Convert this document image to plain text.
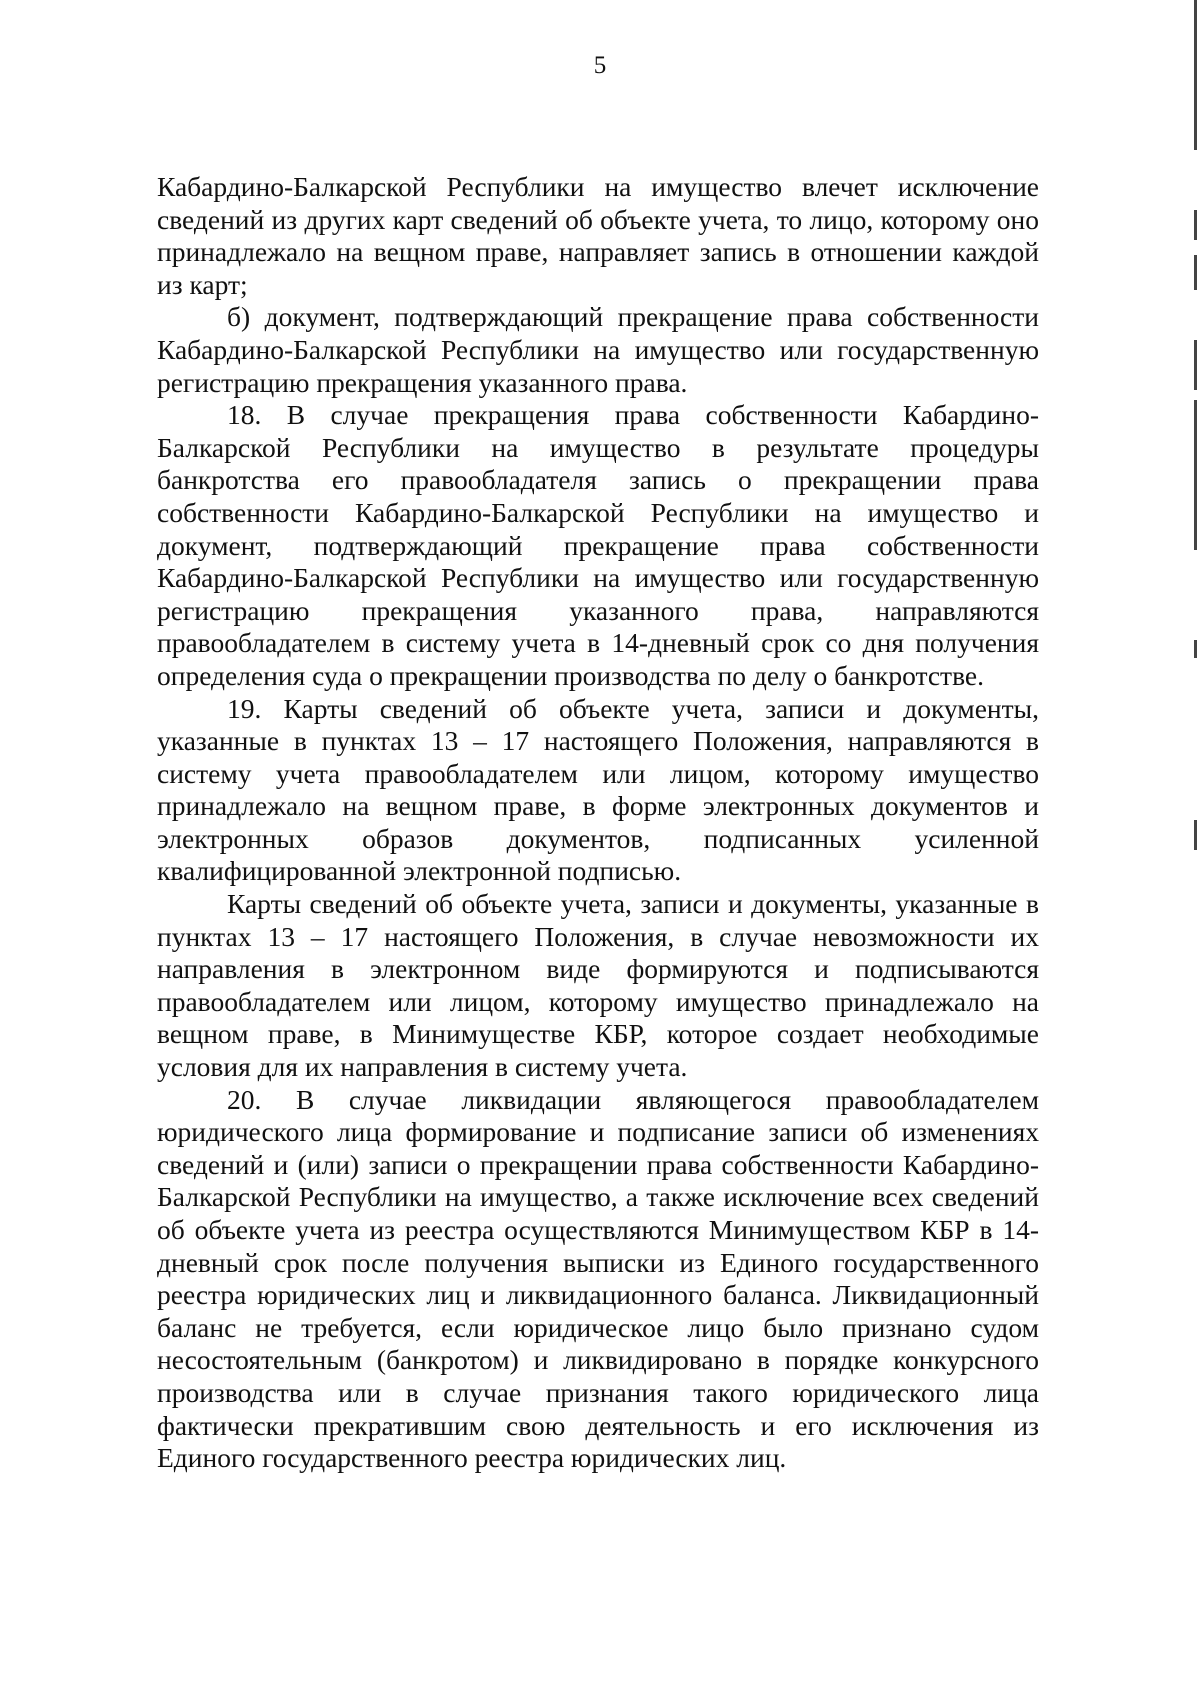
5

Кабардино-Балкарской Республики на имущество влечет исключение сведений из других карт сведений об объекте учета, то лицо, которому оно принадлежало на вещном праве, направляет запись в отношении каждой из карт;

б) документ, подтверждающий прекращение права собственности Кабардино-Балкарской Республики на имущество или государственную регистрацию прекращения указанного права.

18. В случае прекращения права собственности Кабардино-Балкарской Республики на имущество в результате процедуры банкротства его правообладателя запись о прекращении права собственности Кабардино-Балкарской Республики на имущество и документ, подтверждающий прекращение права собственности Кабардино-Балкарской Республики на имущество или государственную регистрацию прекращения указанного права, направляются правообладателем в систему учета в 14-дневный срок со дня получения определения суда о прекращении производства по делу о банкротстве.

19. Карты сведений об объекте учета, записи и документы, указанные в пунктах 13 – 17 настоящего Положения, направляются в систему учета правообладателем или лицом, которому имущество принадлежало на вещном праве, в форме электронных документов и электронных образов документов, подписанных усиленной квалифицированной электронной подписью.

Карты сведений об объекте учета, записи и документы, указанные в пунктах 13 – 17 настоящего Положения, в случае невозможности их направления в электронном виде формируются и подписываются правообладателем или лицом, которому имущество принадлежало на вещном праве, в Минимуществе КБР, которое создает необходимые условия для их направления в систему учета.

20. В случае ликвидации являющегося правообладателем юридического лица формирование и подписание записи об изменениях сведений и (или) записи о прекращении права собственности Кабардино-Балкарской Республики на имущество, а также исключение всех сведений об объекте учета из реестра осуществляются Минимуществом КБР в 14-дневный срок после получения выписки из Единого государственного реестра юридических лиц и ликвидационного баланса. Ликвидационный баланс не требуется, если юридическое лицо было признано судом несостоятельным (банкротом) и ликвидировано в порядке конкурсного производства или в случае признания такого юридического лица фактически прекратившим свою деятельность и его исключения из Единого государственного реестра юридических лиц.
